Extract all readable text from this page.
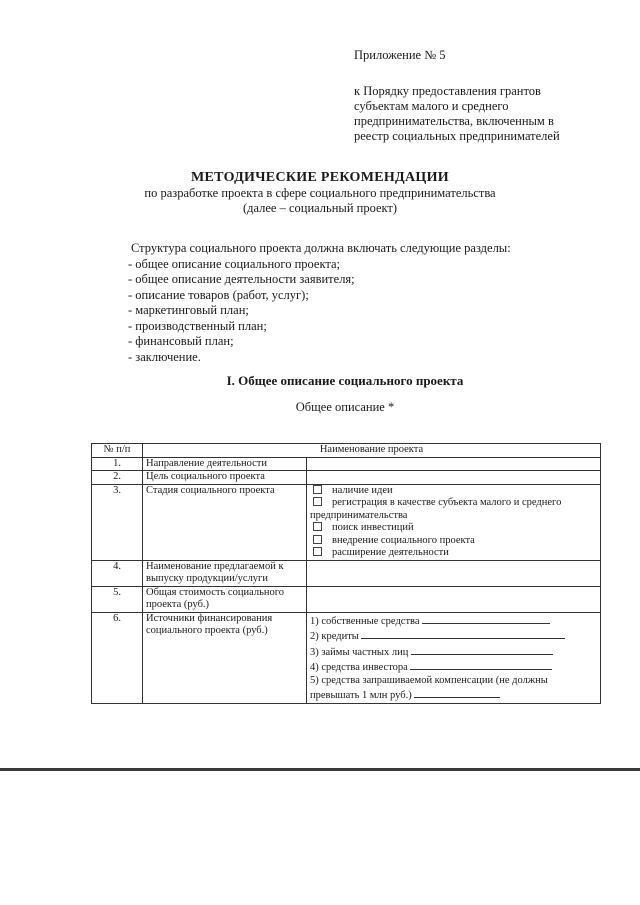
Приложение № 5
к Порядку предоставления грантов
субъектам малого и среднего
предпринимательства, включенным в
реестр социальных предпринимателей
МЕТОДИЧЕСКИЕ РЕКОМЕНДАЦИИ
по разработке проекта в сфере социального предпринимательства
(далее – социальный проект)
Структура социального проекта должна включать следующие разделы:
- общее описание социального проекта;
- общее описание деятельности заявителя;
- описание товаров (работ, услуг);
- маркетинговый план;
- производственный план;
- финансовый план;
- заключение.
I. Общее описание социального проекта
Общее описание *
№ п/п	Наименование проекта	
1.	Направление деятельности	
2.	Цель социального проекта	
3.	Стадия социального проекта	наличие идеи
регистрация в качестве субъекта малого и среднего предпринимательства
поиск инвестиций
внедрение социального проекта
расширение деятельности

4.	Наименование предлагаемой к выпуску продукции/услуги	
5.	Общая стоимость социального проекта (руб.)	
6.	Источники финансирования социального проекта (руб.)	1) собственные средства
2) кредиты
3) займы частных лиц
4) средства инвестора
5) средства запрашиваемой компенсации (не должны превышать 1 млн руб.)
